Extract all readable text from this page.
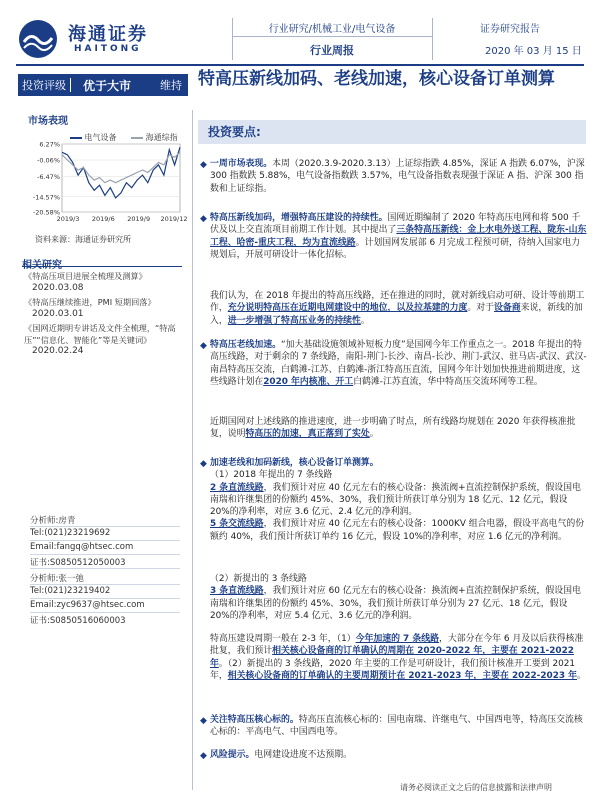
海通证券
HAITONG
行业研究/机械工业/电气设备
行业周报
证券研究报告
2020 年 03 月 15 日
投资评级	优于大市	维持 特高压新线加码、老线加速，核心设备订单测算
市场表现
电气设备	海通综指
6.27%
-0.06%
-6.47%
-14.57%
-20.58%
2019/3 2019/6 2019/9 2019/12
资料来源：海通证券研究所
《特高压项目进展全梳理及测算》
2020.03.08
《特高压继续推进，PMI 短期回落》
2020.03.01
《国网近期明专讲话及文件全梳理，“特高压”“信息化、智能化”等是关键词》
2020.02.24
分析师:房青
Tel:(021)23219692
Email:fangq@htsec.com
证书:S0850512050003
分析师:张一弛
Tel:(021)23219402
Email:zyc9637@htsec.com
证书:S0850516060003
投资要点:
◆ 一周市场表现。本周（2020.3.9-2020.3.13）上证综指跌 4.85%，深证 A 指跌 6.07%，沪深 300 指数跌 5.88%，电气设备指数跌 3.57%，电气设备指数表现强于深证 A 指、沪深 300 指数和上证综指。
◆ 特高压新线加码，增强特高压建设的持续性。国网近期编制了 2020 年特高压电网和将 500 千伏及以上交直流项目前期工作计划。其中提出了三条特高压新线：金上水电外送工程、陇东-山东工程、哈密-重庆工程，均为直流线路。计划国网发展部 6 月完成工程预可研，待纳入国家电力规划后，开展可研设计一体化招标。
我们认为，在 2018 年提出的特高压线路，还在推进的同时，就对新线启动可研、设计等前期工作，充分说明特高压在近期电网建设中的地位，以及拉基建的力度。对于设备商来说，新线的加入，进一步增强了特高压业务的持续性。
◆ 特高压老线加速。“加大基础设施领域补短板力度”是国网今年工作重点之一。2018 年提出的特高压线路，对于剩余的 7 条线路，南阳-荆门-长沙、南昌-长沙、荆门-武汉、驻马店-武汉、武汉-南昌特高压交流，白鹤滩-江苏、白鹤滩-浙江特高压直流，国网今年计划加快推进前期进度，这些线路计划在2020 年内核准、开工白鹤滩-江苏直流，华中特高压交流环网等工程。
近期国网对上述线路的推进速度，进一步明确了时点，所有线路均规划在 2020 年获得核准批复，说明特高压的加速，真正落到了实处。
◆ 加速老线和加码新线，核心设备订单测算。
（1）2018 年提出的 7 条线路
2 条直流线路，我们预计对应 40 亿元左右的核心设备：换流阀+直流控制保护系统，假设国电南瑞和许继集团的份额约 45%、30%，我们预计所获订单分别为 18 亿元、12 亿元，假设 20%的净利率，对应 3.6 亿元、2.4 亿元的净利润。
5 条交流线路，我们预计对应 40 亿元左右的核心设备：1000KV 组合电器，假设平高电气的份额约 40%，我们预计所获订单约 16 亿元，假设 10%的净利率，对应 1.6 亿元的净利润。
（2）新提出的 3 条线路
3 条直流线路，我们预计对应 60 亿元左右的核心设备：换流阀+直流控制保护系统，假设国电南瑞和许继集团的份额约 45%、30%，我们预计所获订单分别为 27 亿元、18 亿元，假设 20%的净利率，对应 5.4 亿元、3.6 亿元的净利润。
特高压建设周期一般在 2-3 年，（1）今年加速的 7 条线路，大部分在今年 6 月及以后获得核准批复，我们预计相关核心设备商的订单确认的周期在 2020-2022 年，主要在 2021-2022 年。（2）新提出的 3 条线路，2020 年主要的工作是可研设计，我们预计核准开工要到 2021 年，相关核心设备商的订单确认的主要周期预计在 2021-2023 年，主要在 2022-2023 年。
◆ 关注特高压核心标的。特高压直流核心标的：国电南瑞、许继电气、中国西电等，特高压交流核心标的：平高电气、中国西电等。
◆ 风险提示。电网建设进度不达预期。
请务必阅读正文之后的信息披露和法律声明
